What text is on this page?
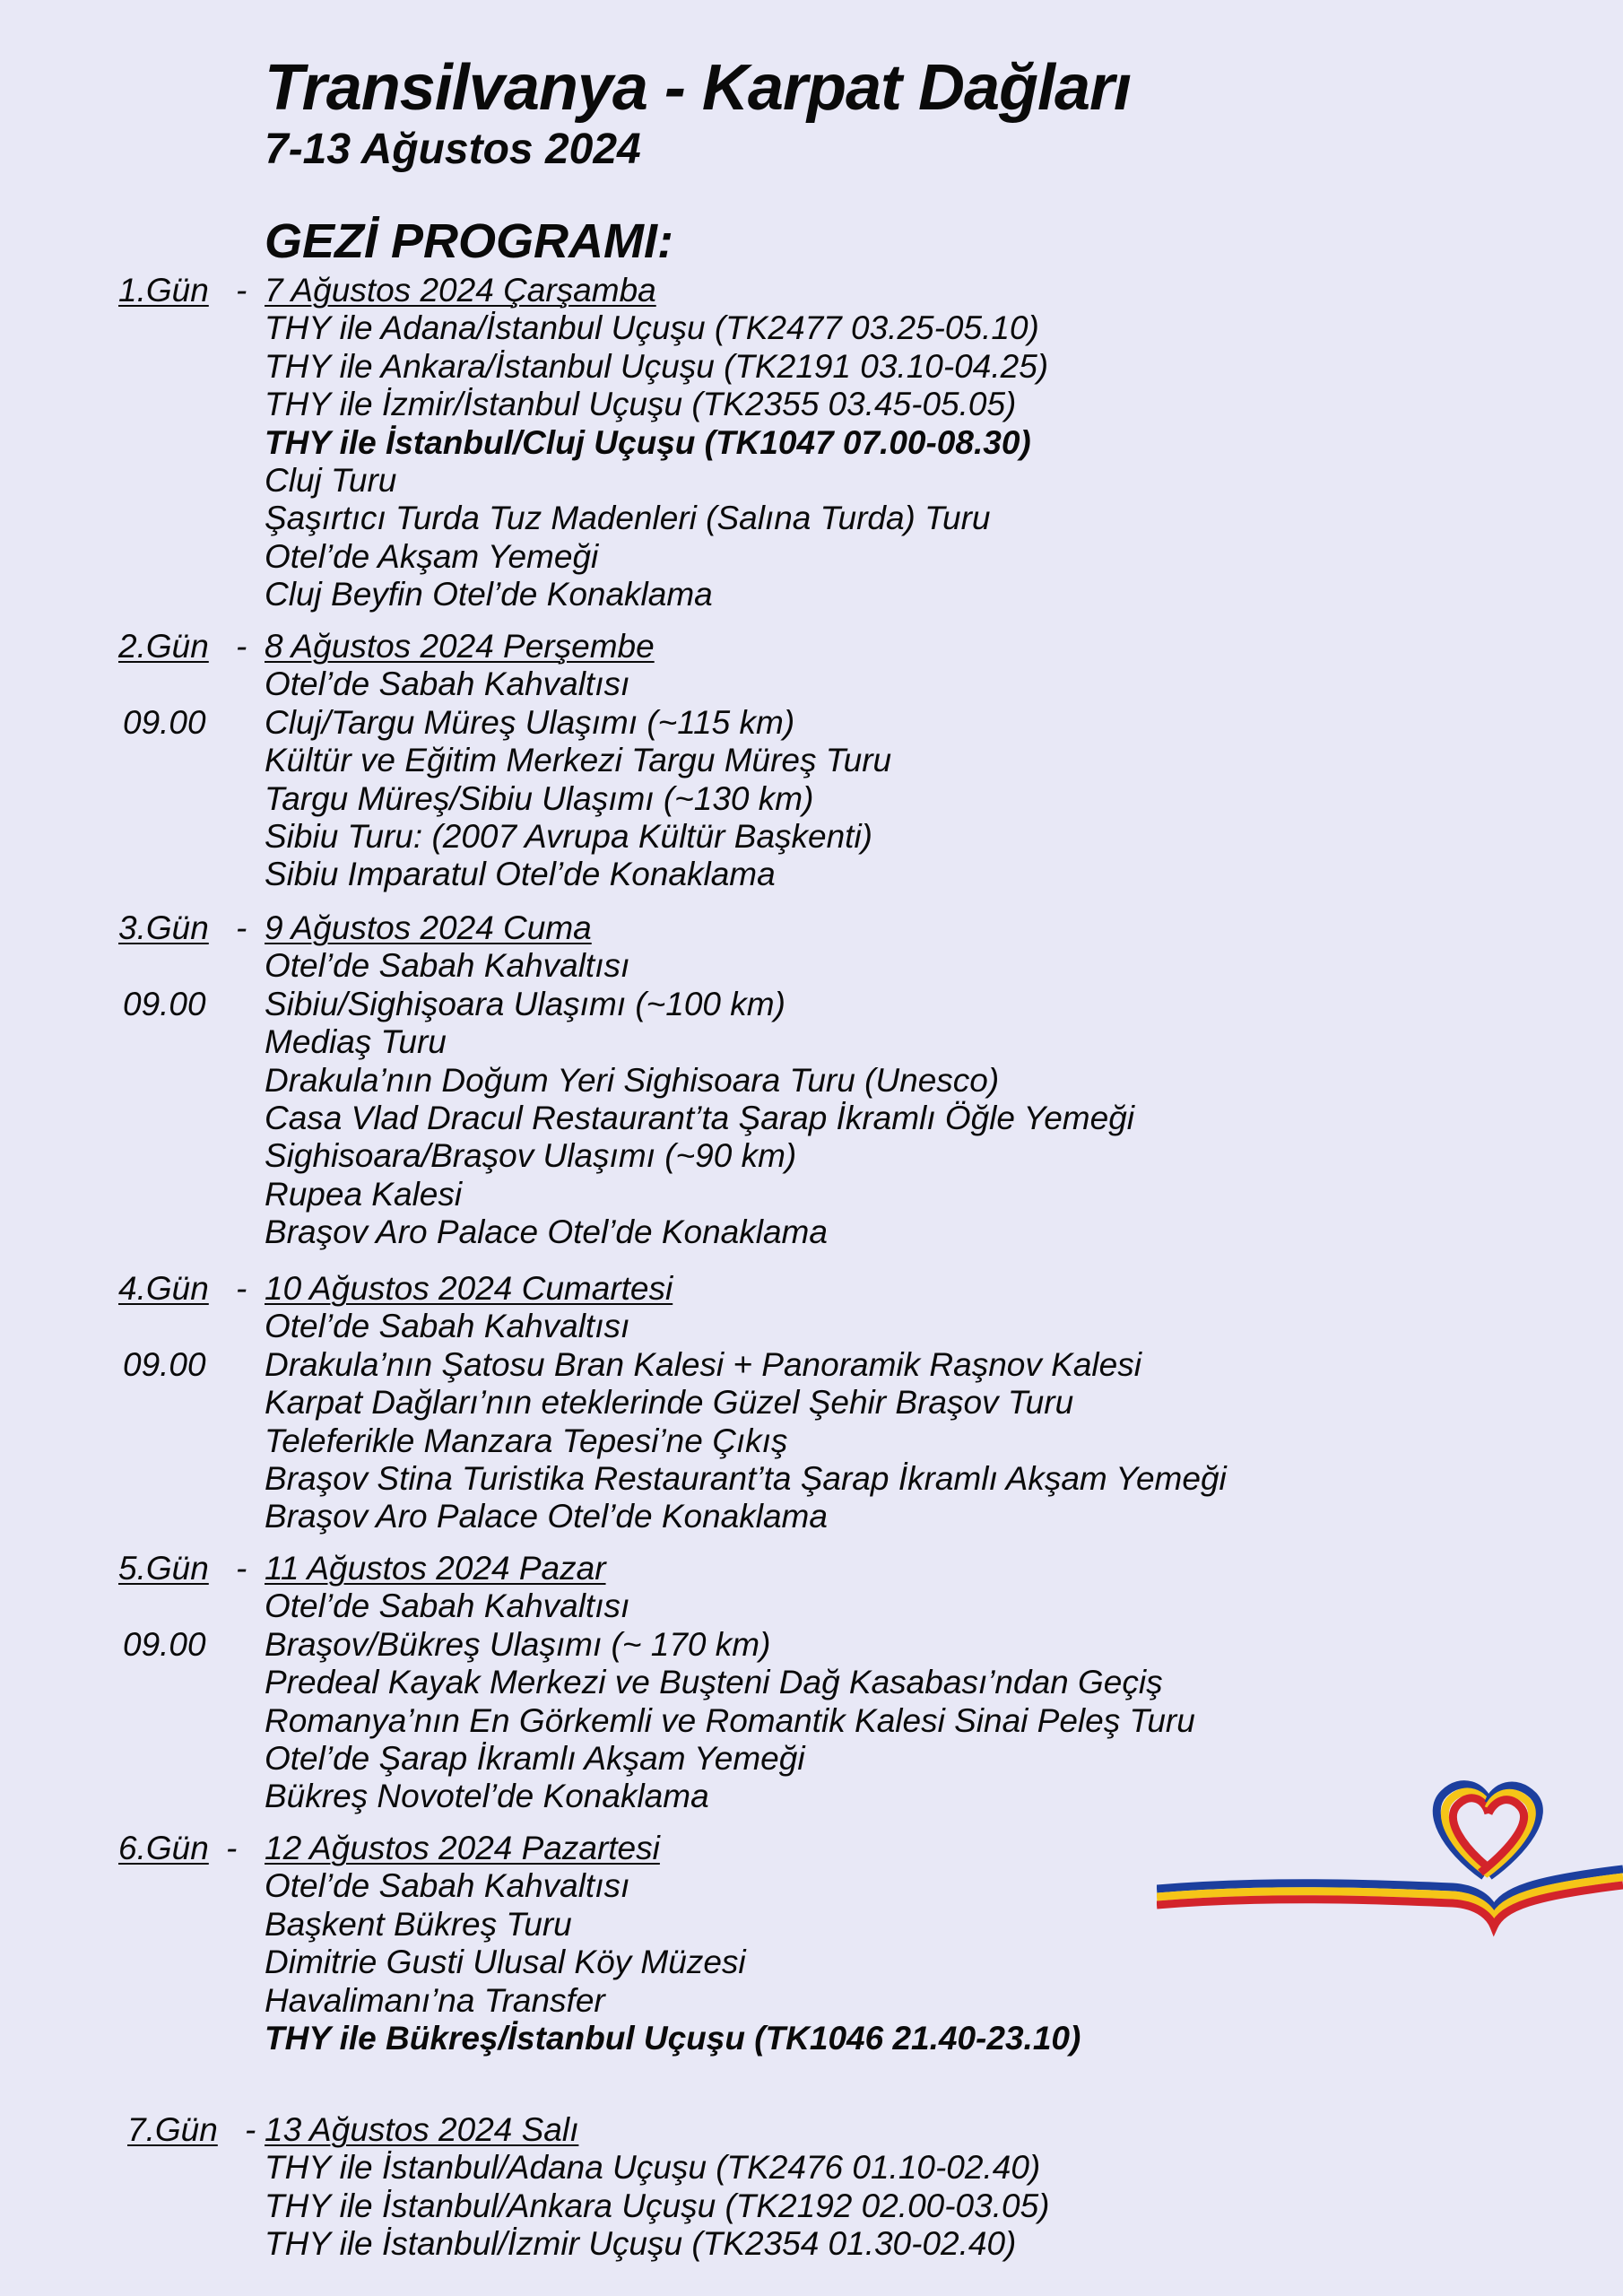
Transilvanya - Karpat Dağları
7-13 Ağustos 2024
GEZİ PROGRAMI:
1.Gün - 7 Ağustos 2024 Çarşamba
THY ile Adana/İstanbul Uçuşu (TK2477 03.25-05.10)
THY ile Ankara/İstanbul Uçuşu (TK2191 03.10-04.25)
THY ile İzmir/İstanbul Uçuşu (TK2355 03.45-05.05)
THY ile İstanbul/Cluj Uçuşu (TK1047 07.00-08.30)
Cluj Turu
Şaşırtıcı Turda Tuz Madenleri (Salına Turda) Turu
Otel’de Akşam Yemeği
Cluj Beyfin Otel’de Konaklama
2.Gün - 8 Ağustos 2024 Perşembe
Otel’de Sabah Kahvaltısı
09.00 Cluj/Targu Müreş Ulaşımı (~115 km)
Kültür ve Eğitim Merkezi Targu Müreş Turu
Targu Müreş/Sibiu Ulaşımı (~130 km)
Sibiu Turu: (2007 Avrupa Kültür Başkenti)
Sibiu Imparatul Otel’de Konaklama
3.Gün - 9 Ağustos 2024 Cuma
Otel’de Sabah Kahvaltısı
09.00 Sibiu/Sighişoara Ulaşımı (~100 km)
Mediaş Turu
Drakula’nın Doğum Yeri Sighisoara Turu (Unesco)
Casa Vlad Dracul Restaurant’ta Şarap İkramlı Öğle Yemeği
Sighisoara/Braşov Ulaşımı (~90 km)
Rupea Kalesi
Braşov Aro Palace Otel’de Konaklama
4.Gün - 10 Ağustos 2024 Cumartesi
Otel’de Sabah Kahvaltısı
09.00 Drakula’nın Şatosu Bran Kalesi + Panoramik Raşnov Kalesi
Karpat Dağları’nın eteklerinde Güzel Şehir Braşov Turu
Teleferikle Manzara Tepesi’ne Çıkış
Braşov Stina Turistika Restaurant’ta Şarap İkramlı Akşam Yemeği
Braşov Aro Palace Otel’de Konaklama
5.Gün - 11 Ağustos 2024 Pazar
Otel’de Sabah Kahvaltısı
09.00 Braşov/Bükreş Ulaşımı (~ 170 km)
Predeal Kayak Merkezi ve Buşteni Dağ Kasabası’ndan Geçiş
Romanya’nın En Görkemli ve Romantik Kalesi Sinai Peleş Turu
Otel’de Şarap İkramlı Akşam Yemeği
Bükreş Novotel’de Konaklama
6.Gün - 12 Ağustos 2024 Pazartesi
Otel’de Sabah Kahvaltısı
Başkent Bükreş Turu
Dimitrie Gusti Ulusal Köy Müzesi
Havalimanı’na Transfer
THY ile Bükreş/İstanbul Uçuşu (TK1046 21.40-23.10)
7.Gün - 13 Ağustos 2024 Salı
THY ile İstanbul/Adana Uçuşu (TK2476 01.10-02.40)
THY ile İstanbul/Ankara Uçuşu (TK2192 02.00-03.05)
THY ile İstanbul/İzmir Uçuşu (TK2354 01.30-02.40)
